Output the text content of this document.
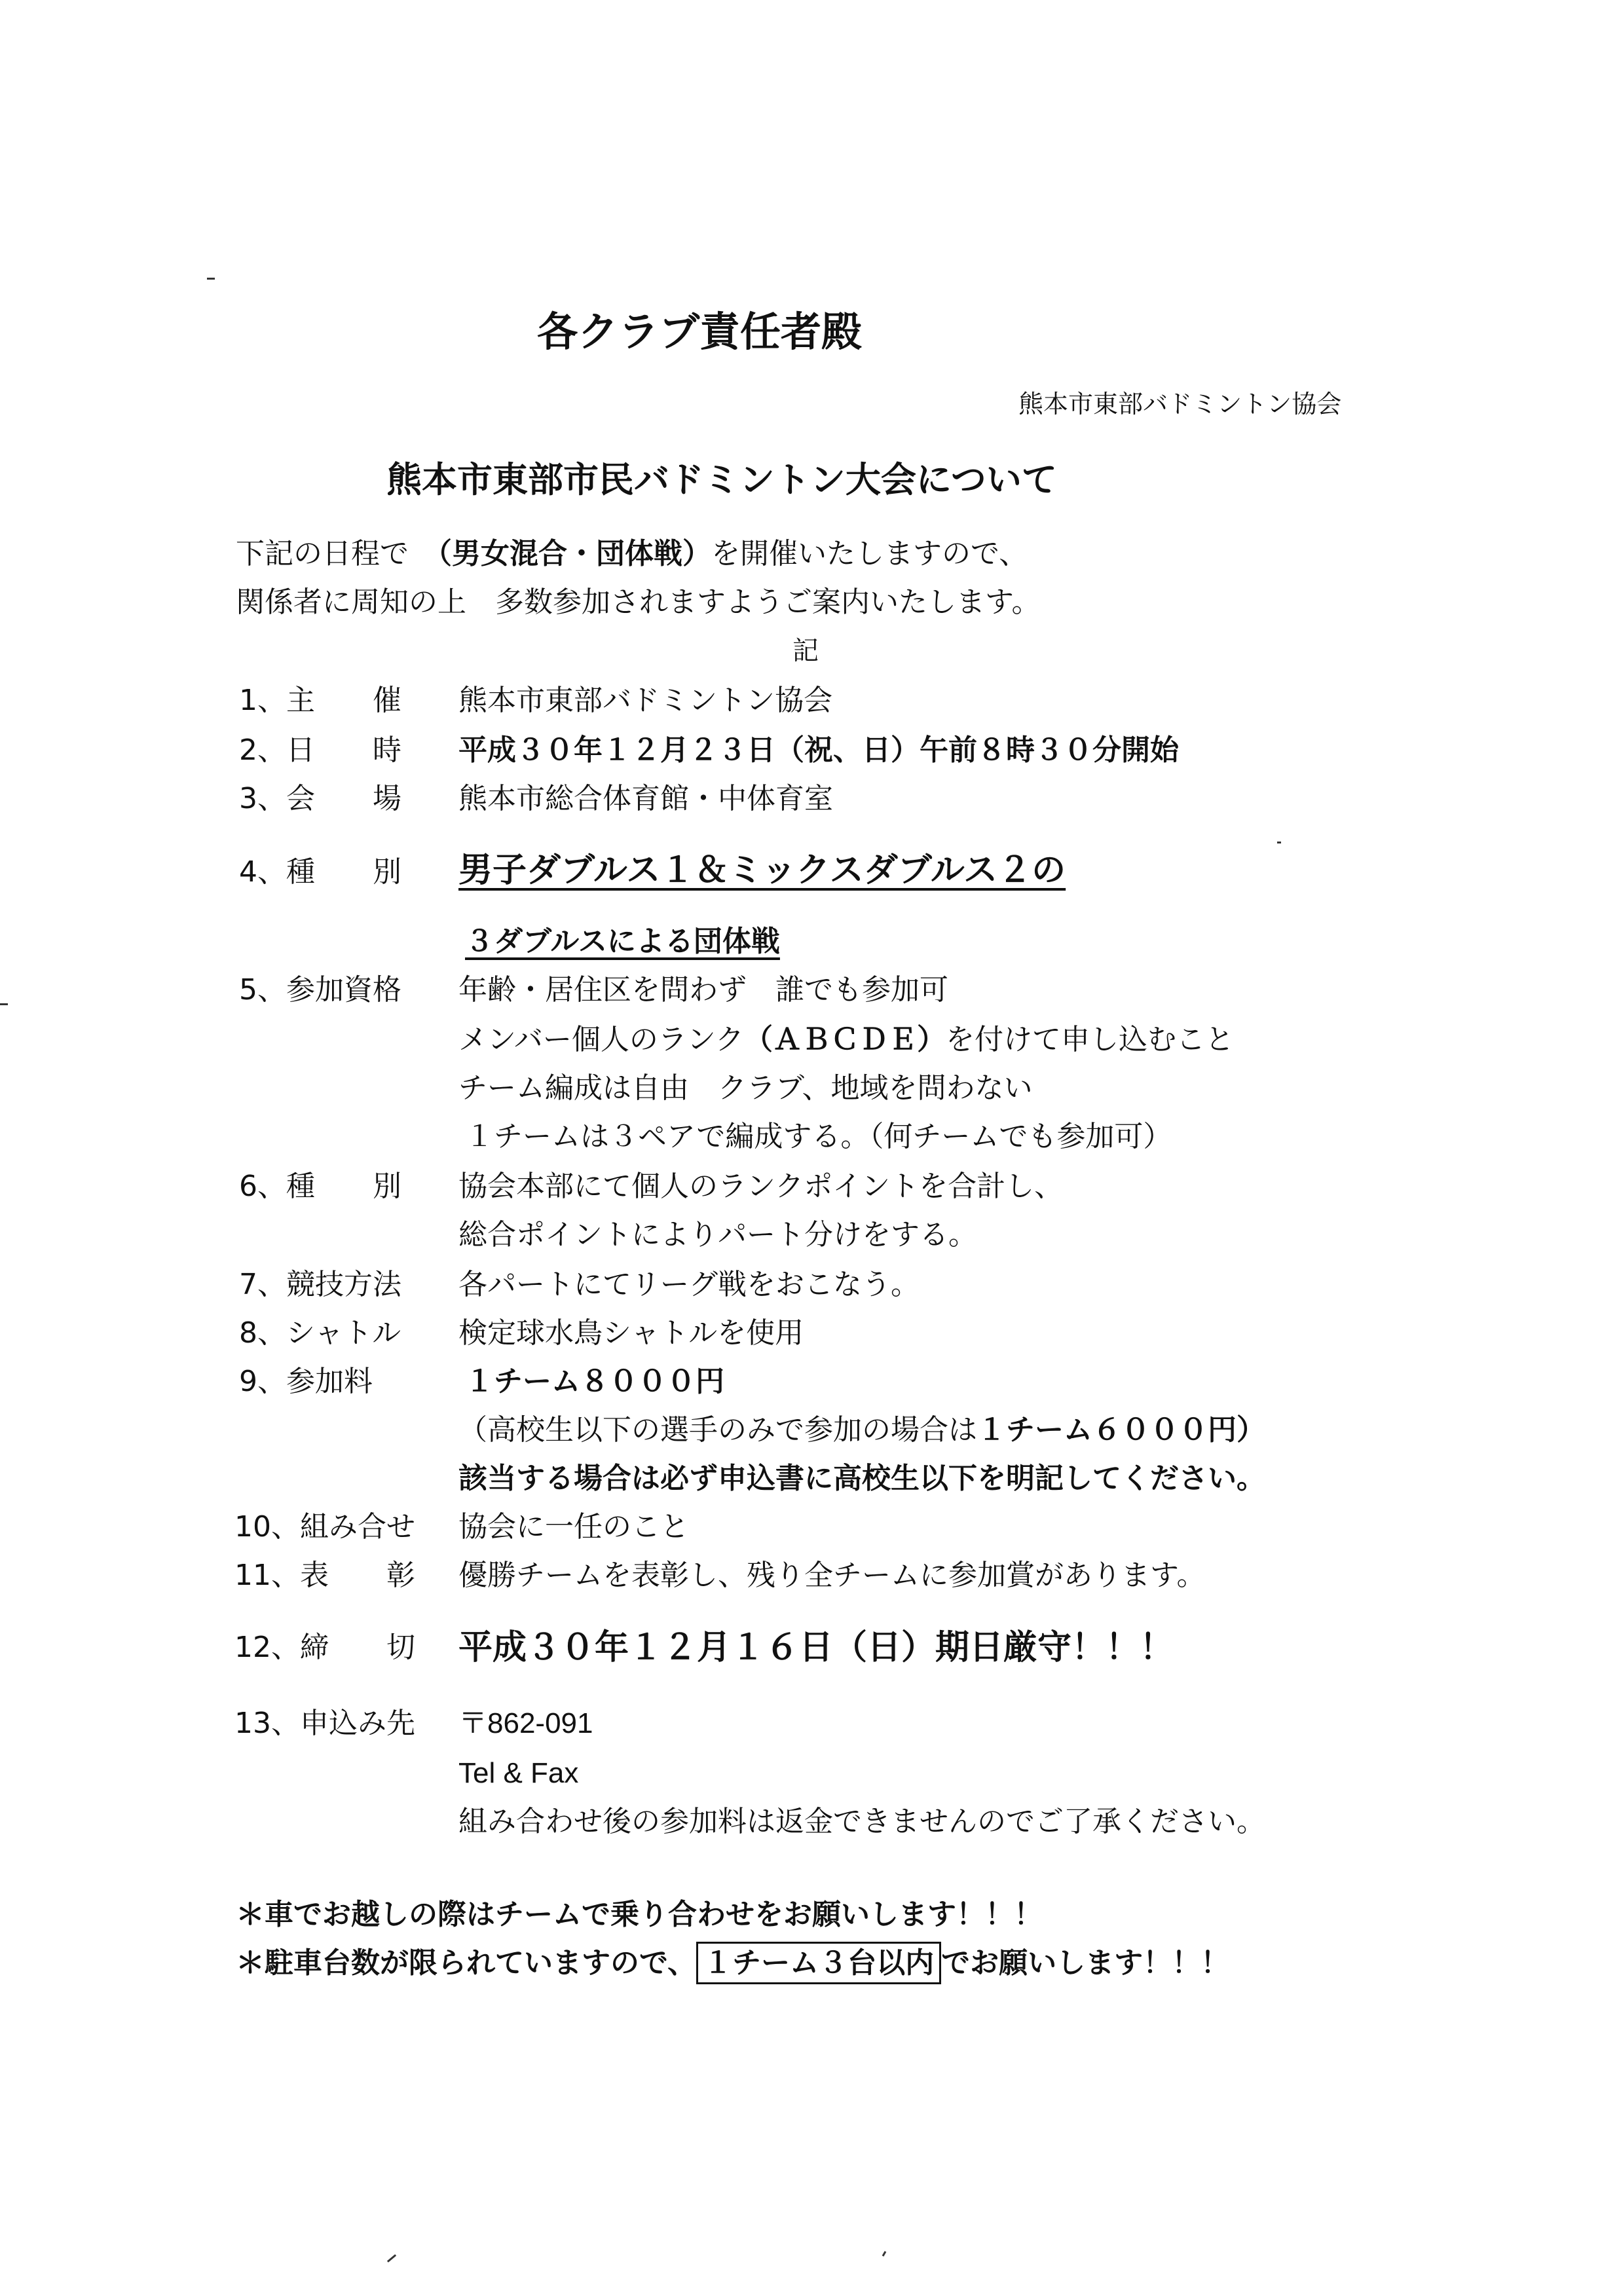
各クラブ責任者殿
熊本市東部バドミントン協会
熊本市東部市民バドミントン大会について
下記の日程で　（男女混合・団体戦）を開催いたしますので、
関係者に周知の上　多数参加されますようご案内いたします。
記
1、主　　催 熊本市東部バドミントン協会
2、日　　時 平成３０年１２月２３日（祝、日）午前８時３０分開始
3、会　　場 熊本市総合体育館・中体育室
4、種　　別 男子ダブルス１＆ミックスダブルス２の
３ダブルスによる団体戦
5、参加資格 年齢・居住区を問わず　誰でも参加可
メンバー個人のランク（ＡＢＣＤＥ）を付けて申し込むこと
チーム編成は自由　クラブ、地域を問わない
１チームは３ペアで編成する。（何チームでも参加可）
6、種　　別 協会本部にて個人のランクポイントを合計し、
総合ポイントによりパート分けをする。
7、競技方法 各パートにてリーグ戦をおこなう。
8、シャトル 検定球水鳥シャトルを使用
9、参加料	１チーム８０００円
（高校生以下の選手のみで参加の場合は１チーム６０００円）
該当する場合は必ず申込書に高校生以下を明記してください。
10、組み合せ 協会に一任のこと
11、表　　彰 優勝チームを表彰し、残り全チームに参加賞があります。
12、締　　切 平成３０年１２月１６日（日）期日厳守！！！
13、申込み先 〒862-091
Tel & Fax
組み合わせ後の参加料は返金できませんのでご了承ください。
＊車でお越しの際はチームで乗り合わせをお願いします！！！
＊駐車台数が限られていますので、 １チーム３台以内 でお願いします！！！
